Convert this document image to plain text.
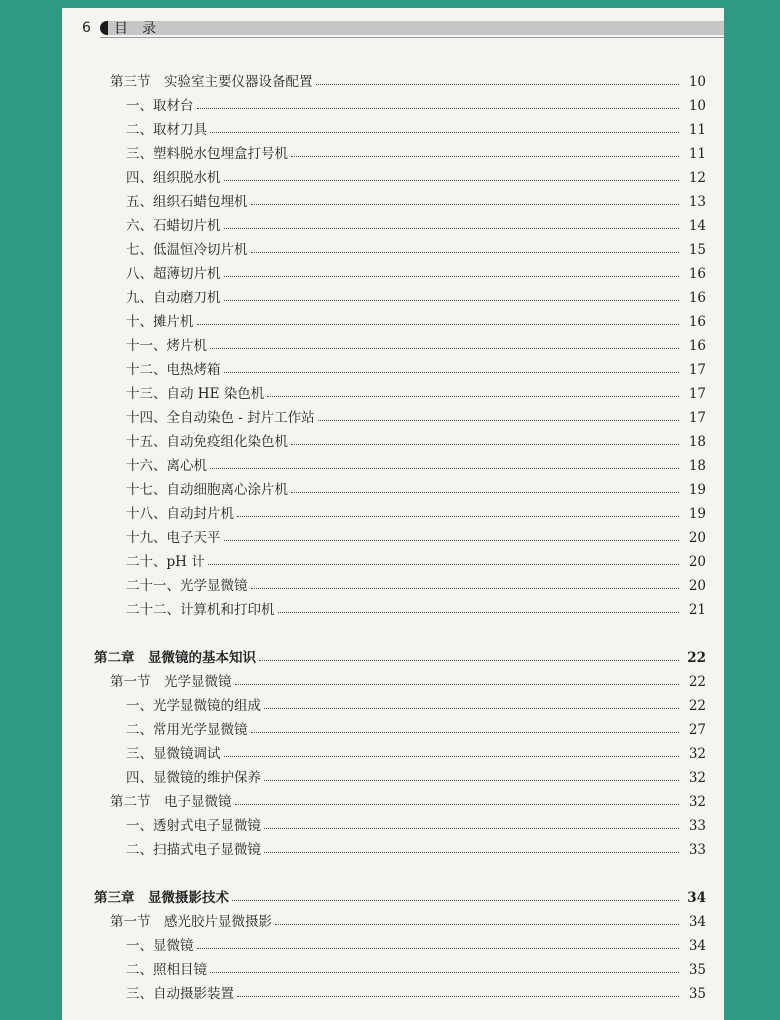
6 目录
第三节　实验室主要仪器设备配置	10
一、取材台	10
二、取材刀具	11
三、塑料脱水包埋盒打号机	11
四、组织脱水机	12
五、组织石蜡包埋机	13
六、石蜡切片机	14
七、低温恒冷切片机	15
八、超薄切片机	16
九、自动磨刀机	16
十、摊片机	16
十一、烤片机	16
十二、电热烤箱	17
十三、自动 HE 染色机	17
十四、全自动染色 - 封片工作站	17
十五、自动免疫组化染色机	18
十六、离心机	18
十七、自动细胞离心涂片机	19
十八、自动封片机	19
十九、电子天平	20
二十、pH 计	20
二十一、光学显微镜	20
二十二、计算机和打印机	21
第二章　显微镜的基本知识	22
第一节　光学显微镜	22
一、光学显微镜的组成	22
二、常用光学显微镜	27
三、显微镜调试	32
四、显微镜的维护保养	32
第二节　电子显微镜	32
一、透射式电子显微镜	33
二、扫描式电子显微镜	33
第三章　显微摄影技术	34
第一节　感光胶片显微摄影	34
一、显微镜	34
二、照相目镜	35
三、自动摄影装置	35
